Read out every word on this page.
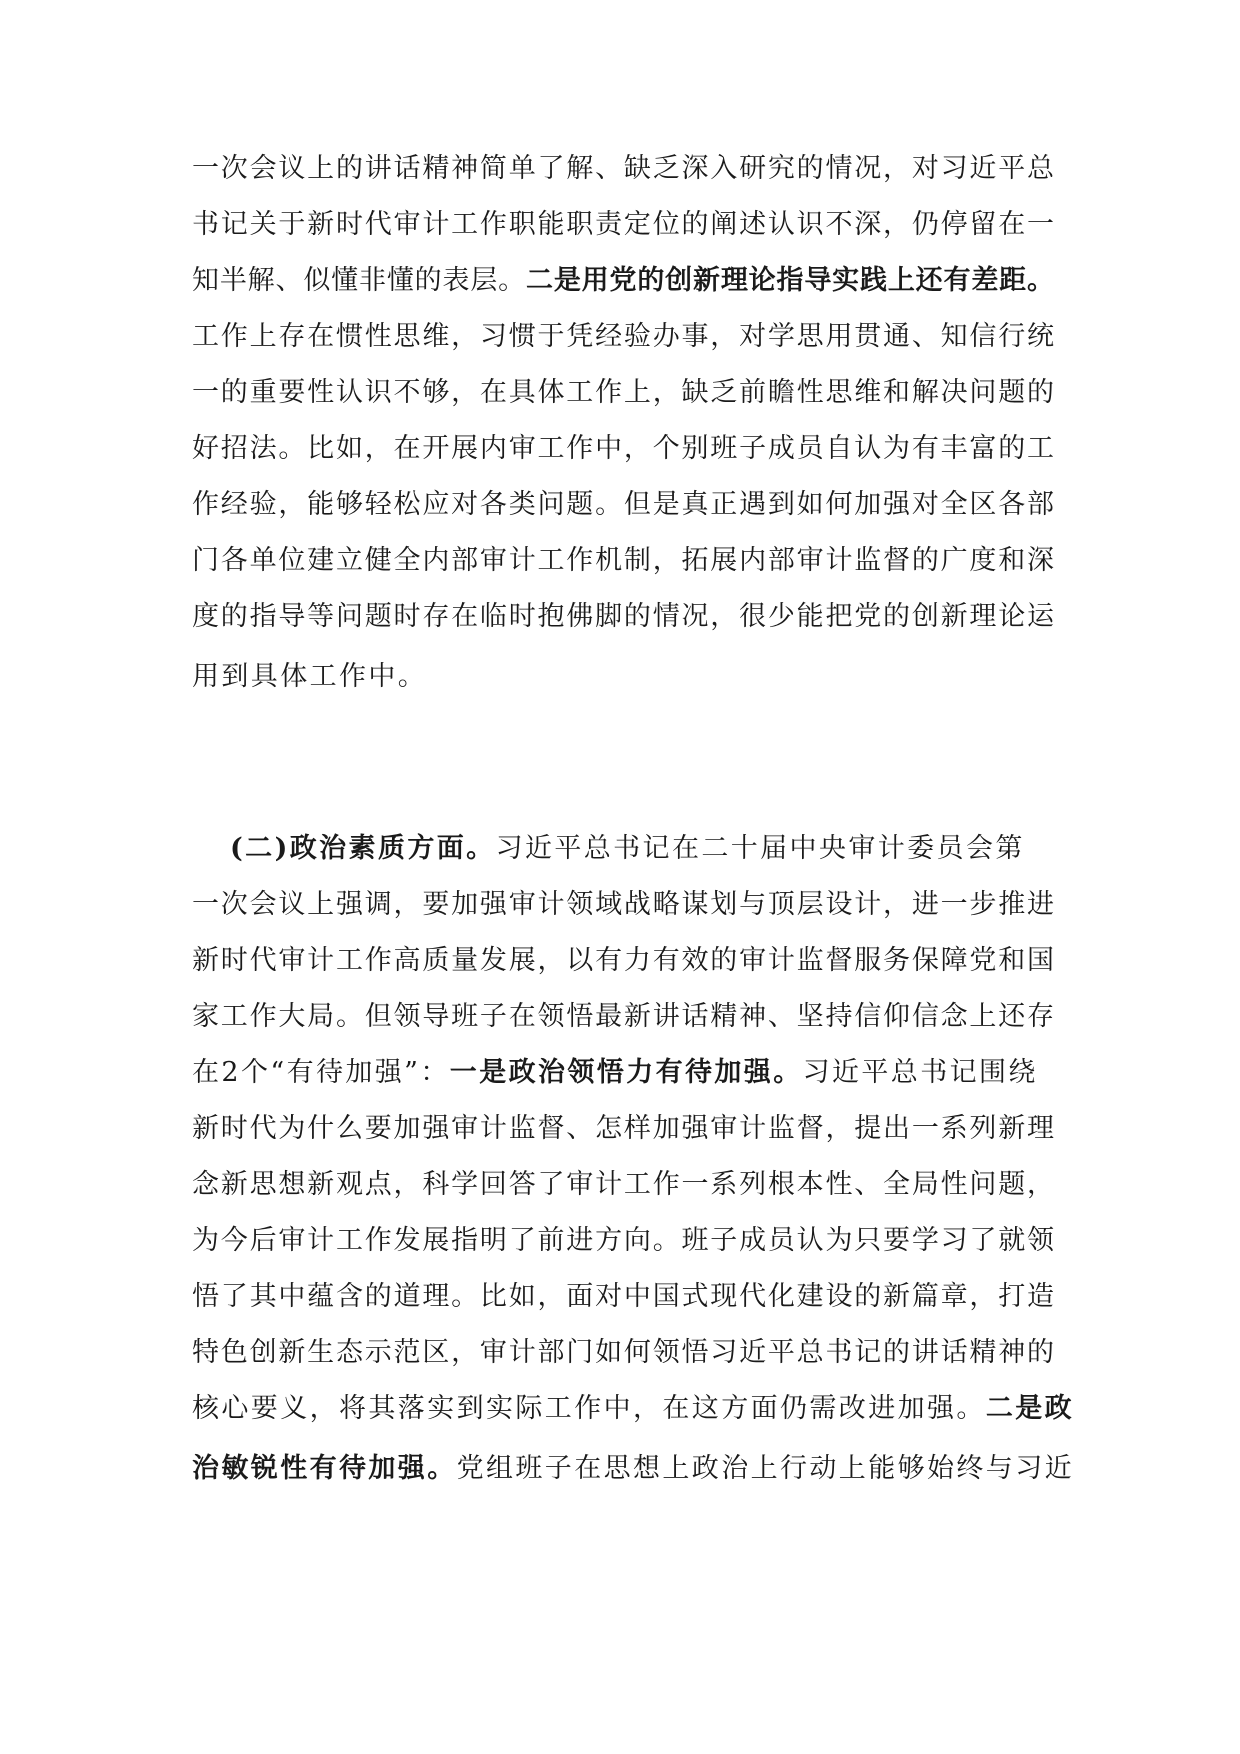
一次会议上的讲话精神简单了解、缺乏深入研究的情况，对习近平总
书记关于新时代审计工作职能职责定位的阐述认识不深，仍停留在一
知半解、似懂非懂的表层。二是用党的创新理论指导实践上还有差距。
工作上存在惯性思维，习惯于凭经验办事，对学思用贯通、知信行统
一的重要性认识不够，在具体工作上，缺乏前瞻性思维和解决问题的
好招法。比如，在开展内审工作中，个别班子成员自认为有丰富的工
作经验，能够轻松应对各类问题。但是真正遇到如何加强对全区各部
门各单位建立健全内部审计工作机制，拓展内部审计监督的广度和深
度的指导等问题时存在临时抱佛脚的情况，很少能把党的创新理论运
用到具体工作中。
(二)政治素质方面。习近平总书记在二十届中央审计委员会第
一次会议上强调，要加强审计领域战略谋划与顶层设计，进一步推进
新时代审计工作高质量发展，以有力有效的审计监督服务保障党和国
家工作大局。但领导班子在领悟最新讲话精神、坚持信仰信念上还存
在2个“有待加强”：一是政治领悟力有待加强。习近平总书记围绕
新时代为什么要加强审计监督、怎样加强审计监督，提出一系列新理
念新思想新观点，科学回答了审计工作一系列根本性、全局性问题，
为今后审计工作发展指明了前进方向。班子成员认为只要学习了就领
悟了其中蕴含的道理。比如，面对中国式现代化建设的新篇章，打造
特色创新生态示范区，审计部门如何领悟习近平总书记的讲话精神的
核心要义，将其落实到实际工作中，在这方面仍需改进加强。二是政
治敏锐性有待加强。党组班子在思想上政治上行动上能够始终与习近
